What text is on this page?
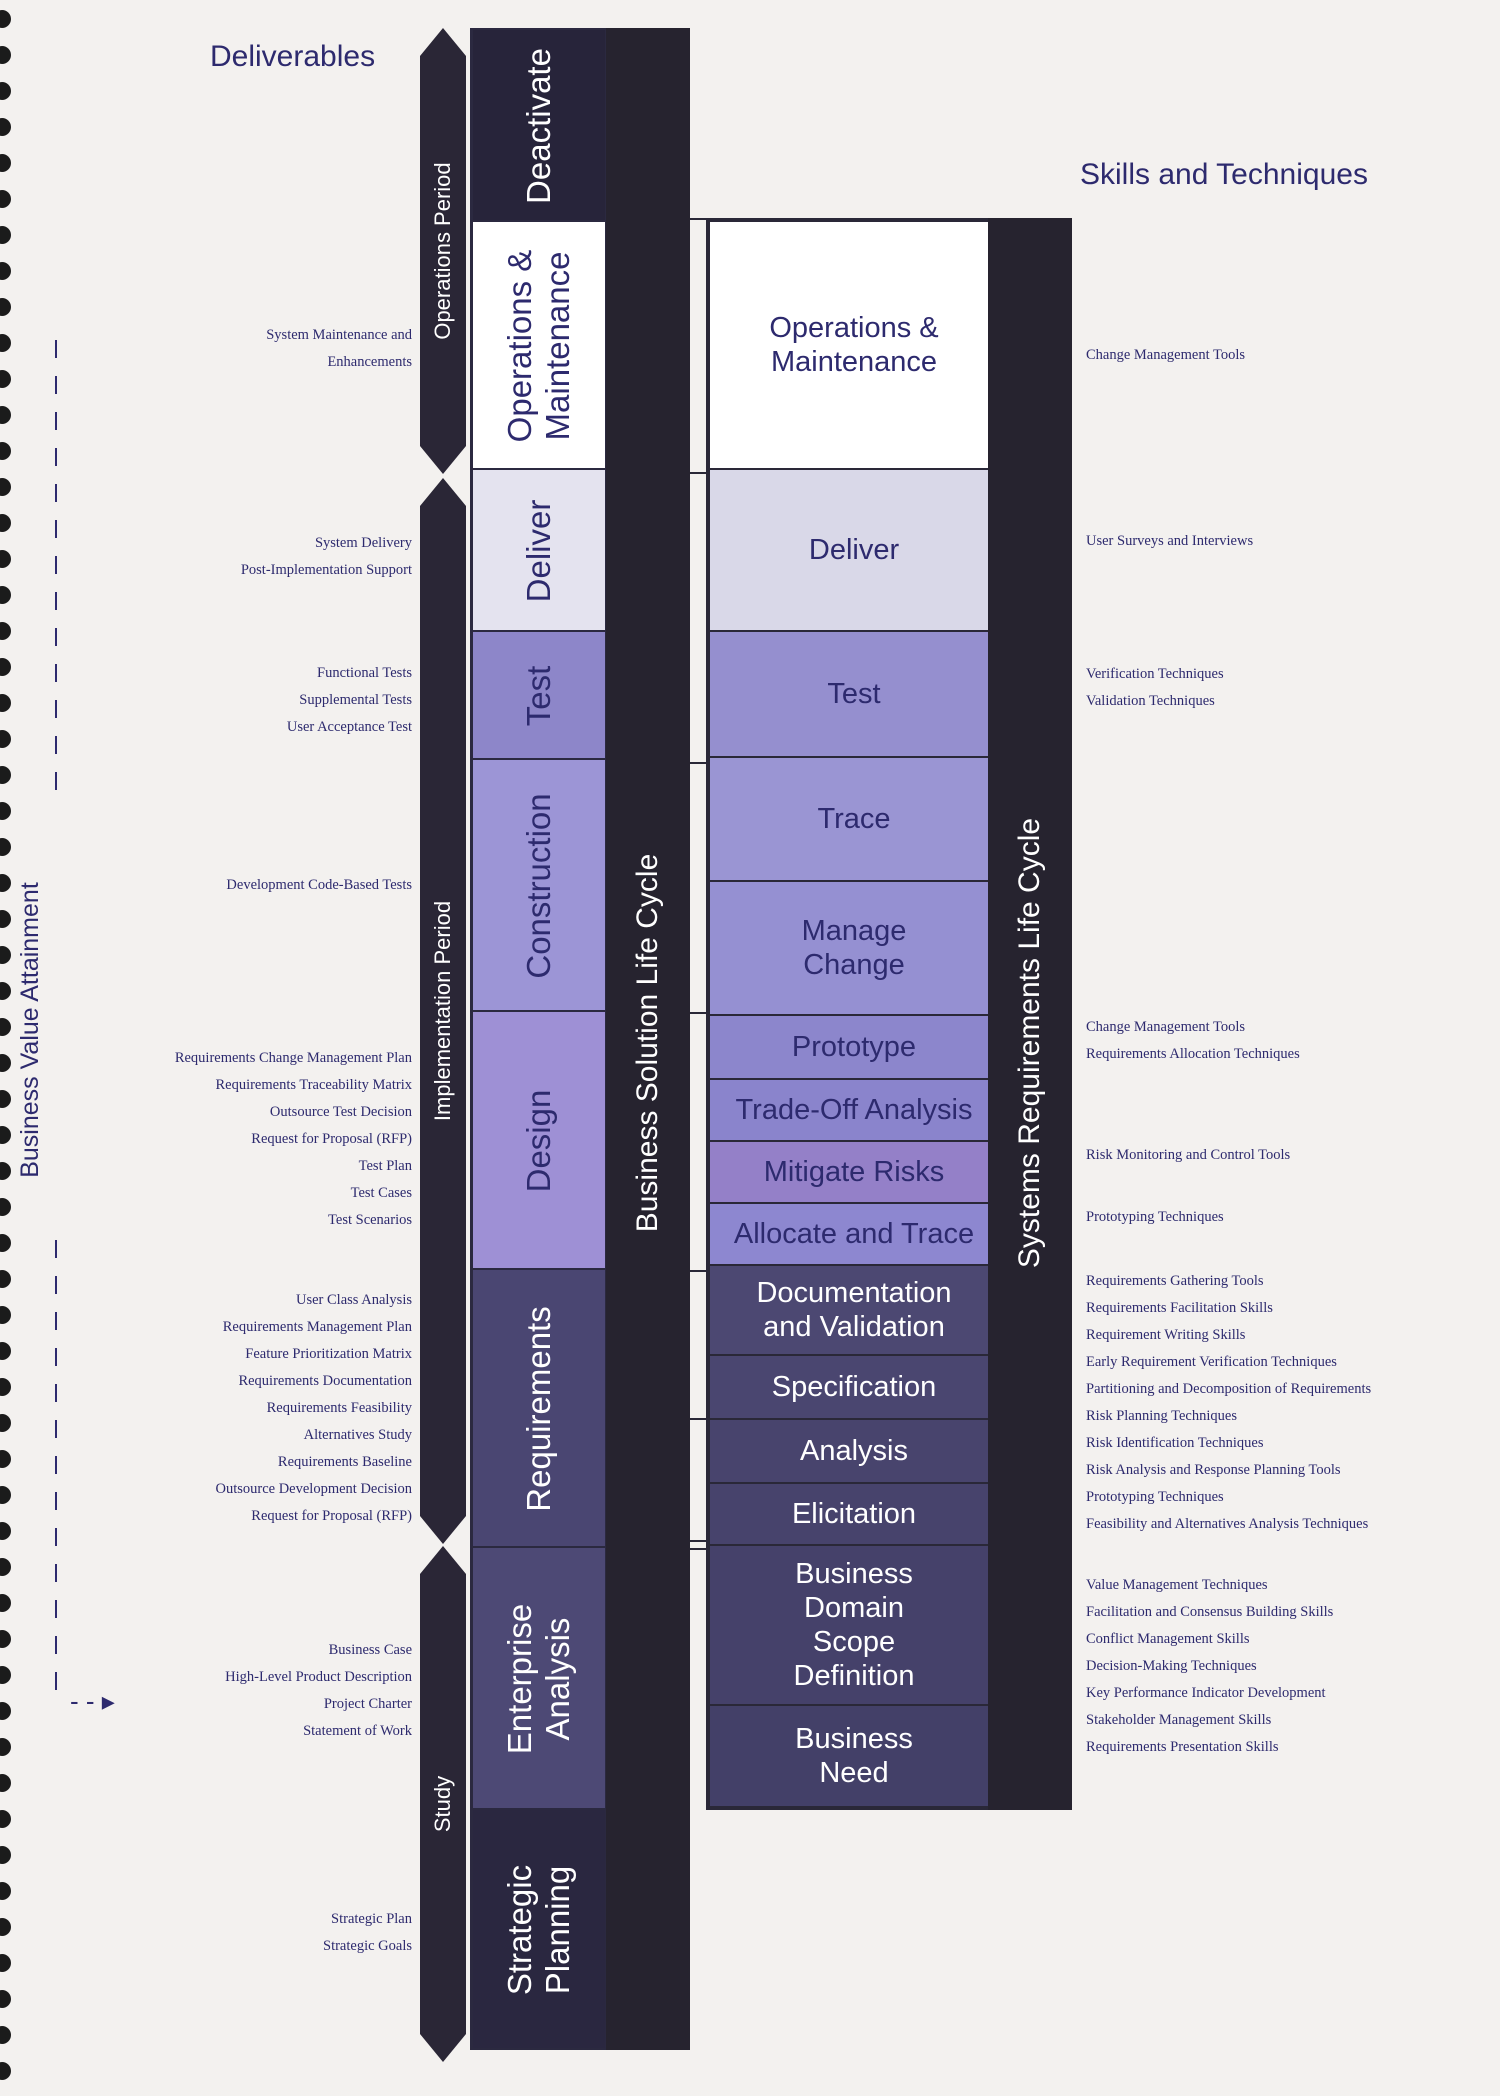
Deliverables
Skills and Techniques
Business Value Attainment
- - ▸
Operations Period
Implementation Period
Study
Deactivate
Operations & Maintenance
Deliver
Test
Construction
Design
Requirements
Enterprise Analysis
Strategic Planning
Business Solution Life Cycle
Operations & Maintenance
Deliver
Test
Trace
Manage Change
Prototype
Trade-Off Analysis
Mitigate Risks
Allocate and Trace
Documentation and Validation
Specification
Analysis
Elicitation
Business Domain Scope Definition
Business Need
Systems Requirements Life Cycle
System Maintenance and
Enhancements
System Delivery
Post-Implementation Support
Functional Tests
Supplemental Tests
User Acceptance Test
Development Code-Based Tests
Requirements Change Management Plan
Requirements Traceability Matrix
Outsource Test Decision
Request for Proposal (RFP)
Test Plan
Test Cases
Test Scenarios
User Class Analysis
Requirements Management Plan
Feature Prioritization Matrix
Requirements Documentation
Requirements Feasibility
Alternatives Study
Requirements Baseline
Outsource Development Decision
Request for Proposal (RFP)
Business Case
High-Level Product Description
Project Charter
Statement of Work
Strategic Plan
Strategic Goals
Change Management Tools
User Surveys and Interviews
Verification Techniques
Validation Techniques
Change Management Tools
Requirements Allocation Techniques
Risk Monitoring and Control Tools
Prototyping Techniques
Requirements Gathering Tools
Requirements Facilitation Skills
Requirement Writing Skills
Early Requirement Verification Techniques
Partitioning and Decomposition of Requirements
Risk Planning Techniques
Risk Identification Techniques
Risk Analysis and Response Planning Tools
Prototyping Techniques
Feasibility and Alternatives Analysis Techniques
Value Management Techniques
Facilitation and Consensus Building Skills
Conflict Management Skills
Decision-Making Techniques
Key Performance Indicator Development
Stakeholder Management Skills
Requirements Presentation Skills
